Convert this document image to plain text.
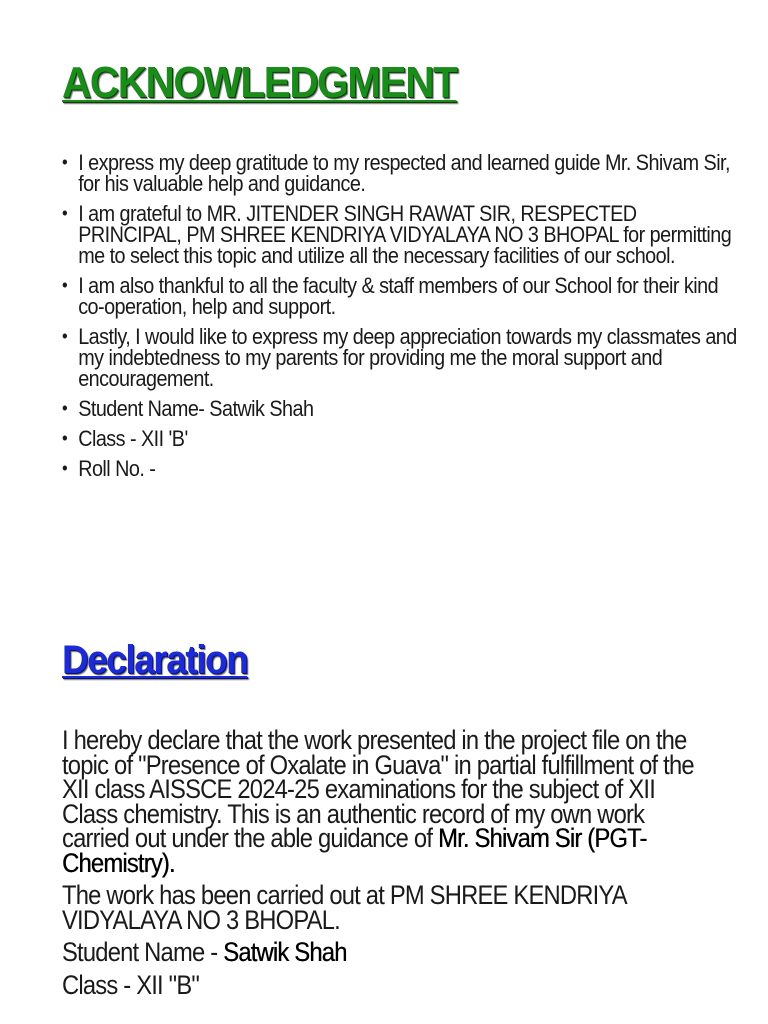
ACKNOWLEDGMENT
• I express my deep gratitude to my respected and learned guide Mr. Shivam Sir, for his valuable help and guidance.
• I am grateful to MR. JITENDER SINGH RAWAT SIR, RESPECTED PRINCIPAL, PM SHREE KENDRIYA VIDYALAYA NO 3 BHOPAL for permitting me to select this topic and utilize all the necessary facilities of our school.
• I am also thankful to all the faculty & staff members of our School for their kind co-operation, help and support.
• Lastly, I would like to express my deep appreciation towards my classmates and my indebtedness to my parents for providing me the moral support and encouragement.
• Student Name- Satwik Shah
• Class - XII 'B'
• Roll No. -
Declaration

I hereby declare that the work presented in the project file on the topic of "Presence of Oxalate in Guava" in partial fulfillment of the XII class AISSCE 2024-25 examinations for the subject of XII Class chemistry. This is an authentic record of my own work carried out under the able guidance of Mr. Shivam Sir (PGT-Chemistry).

The work has been carried out at PM SHREE KENDRIYA VIDYALAYA NO 3 BHOPAL.

Student Name - Satwik Shah

Class - XII "B"
